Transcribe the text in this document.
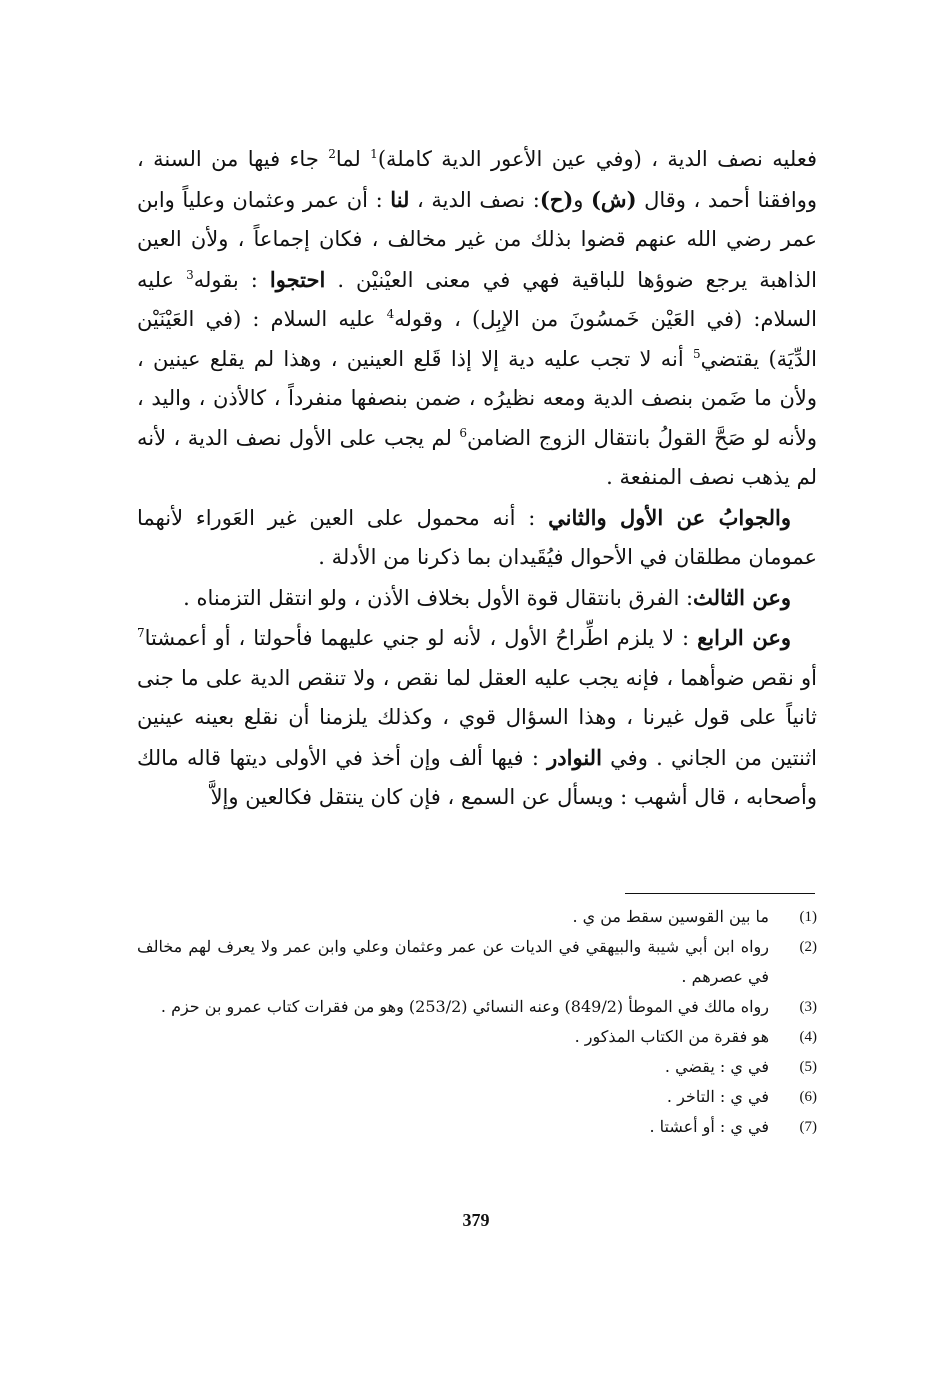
فعليه نصف الدية ، (وفي عين الأعور الدية كاملة)$^1$ لما$^2$ جاء فيها من السنة ، ووافقنا أحمد ، وقال (ش) و(ح): نصف الدية ، لنا : أن عمر وعثمان وعلياً وابن عمر رضي الله عنهم قضوا بذلك من غير مخالف ، فكان إجماعاً ، ولأن العين الذاهبة يرجع ضوؤها للباقية فهي في معنى العيْنيْن . احتجوا : بقوله$^3$ عليه السلام: (في العَيْن خَمسُونَ من الإبِل) ، وقوله$^4$ عليه السلام : (في العَيْنَيْن الدِّيَة) يقتضي$^5$ أنه لا تجب عليه دية إلا إذا قَلع العينين ، وهذا لم يقلع عينين ، ولأن ما ضَمن بنصف الدية ومعه نظيرُه ، ضمن بنصفها منفرداً ، كالأذن ، واليد ، ولأنه لو صَحَّ القولُ بانتقال الزوج الضامن$^6$ لم يجب على الأول نصف الدية ، لأنه لم يذهب نصف المنفعة .

والجوابُ عن الأول والثاني : أنه محمول على العين غير العَوراء لأنهما عمومان مطلقان في الأحوال فيُقَيدان بما ذكرنا من الأدلة .

وعن الثالث: الفرق بانتقال قوة الأول بخلاف الأذن ، ولو انتقل التزمناه .

وعن الرابع : لا يلزم اطِّراحُ الأول ، لأنه لو جني عليهما فأحولتا ، أو أعمشتا$^7$ أو نقص ضوأهما ، فإنه يجب عليه العقل لما نقص ، ولا تنقص الدية على ما جنى ثانياً على قول غيرنا ، وهذا السؤال قوي ، وكذلك يلزمنا أن نقلع بعينه عينين اثنتين من الجاني . وفي النوادر : فيها ألف وإن أخذ في الأولى ديتها قاله مالك وأصحابه ، قال أشهب : ويسأل عن السمع ، فإن كان ينتقل فكالعين وإلاَّ

(1)
ما بين القوسين سقط من ي .
(2)
رواه ابن أبي شيبة والبيهقي في الديات عن عمر وعثمان وعلي وابن عمر ولا يعرف لهم مخالف في عصرهم .
(3)
رواه مالك في الموطأ (849/2) وعنه النسائي (253/2) وهو من فقرات كتاب عمرو بن حزم .
(4)
هو فقرة من الكتاب المذكور .
(5)
في ي : يقضي .
(6)
في ي : التاخر .
(7)
في ي : أو أعشتا .
379
